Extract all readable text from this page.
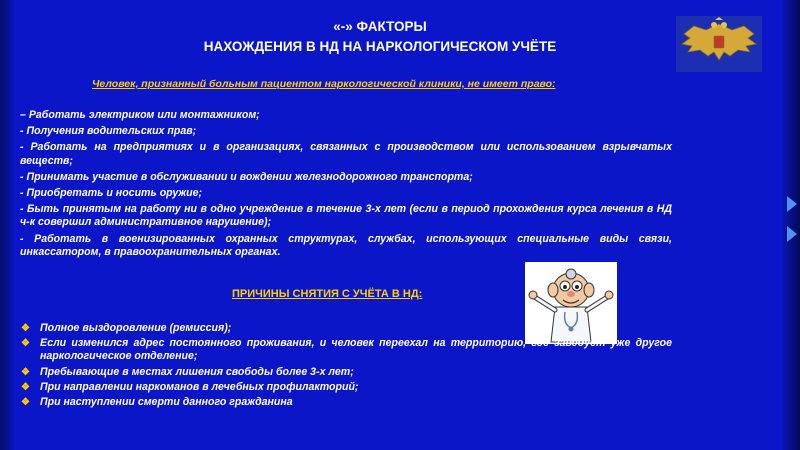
«-» ФАКТОРЫ
НАХОЖДЕНИЯ В НД НА НАРКОЛОГИЧЕСКОМ УЧЁТЕ
Человек, признанный больным пациентом наркологической клиники, не имеет право:
– Работать электриком или монтажником;
- Получения водительских прав;
- Работать на предприятиях и в организациях, связанных с производством или использованием взрывчатых веществ;
- Принимать участие в обслуживании и вождении железнодорожного транспорта;
- Приобретать и носить оружие;
- Быть принятым на работу ни в одно учреждение в течение 3-х лет (если в период прохождения курса лечения в НД ч-к совершил административное нарушение);
- Работать в военизированных охранных структурах, службах, использующих специальные виды связи, инкассатором, в правоохранительных органах.
ПРИЧИНЫ СНЯТИЯ С УЧЁТА В НД:
❖ Полное выздоровление (ремиссия);
❖ Если изменился адрес постоянного проживания, и человек переехал на территорию, где заведует уже другое наркологическое отделение;
❖ Пребывающие в местах лишения свободы более 3-х лет;
❖ При направлении наркоманов в лечебных профилакторий;
❖ При наступлении смерти данного гражданина
